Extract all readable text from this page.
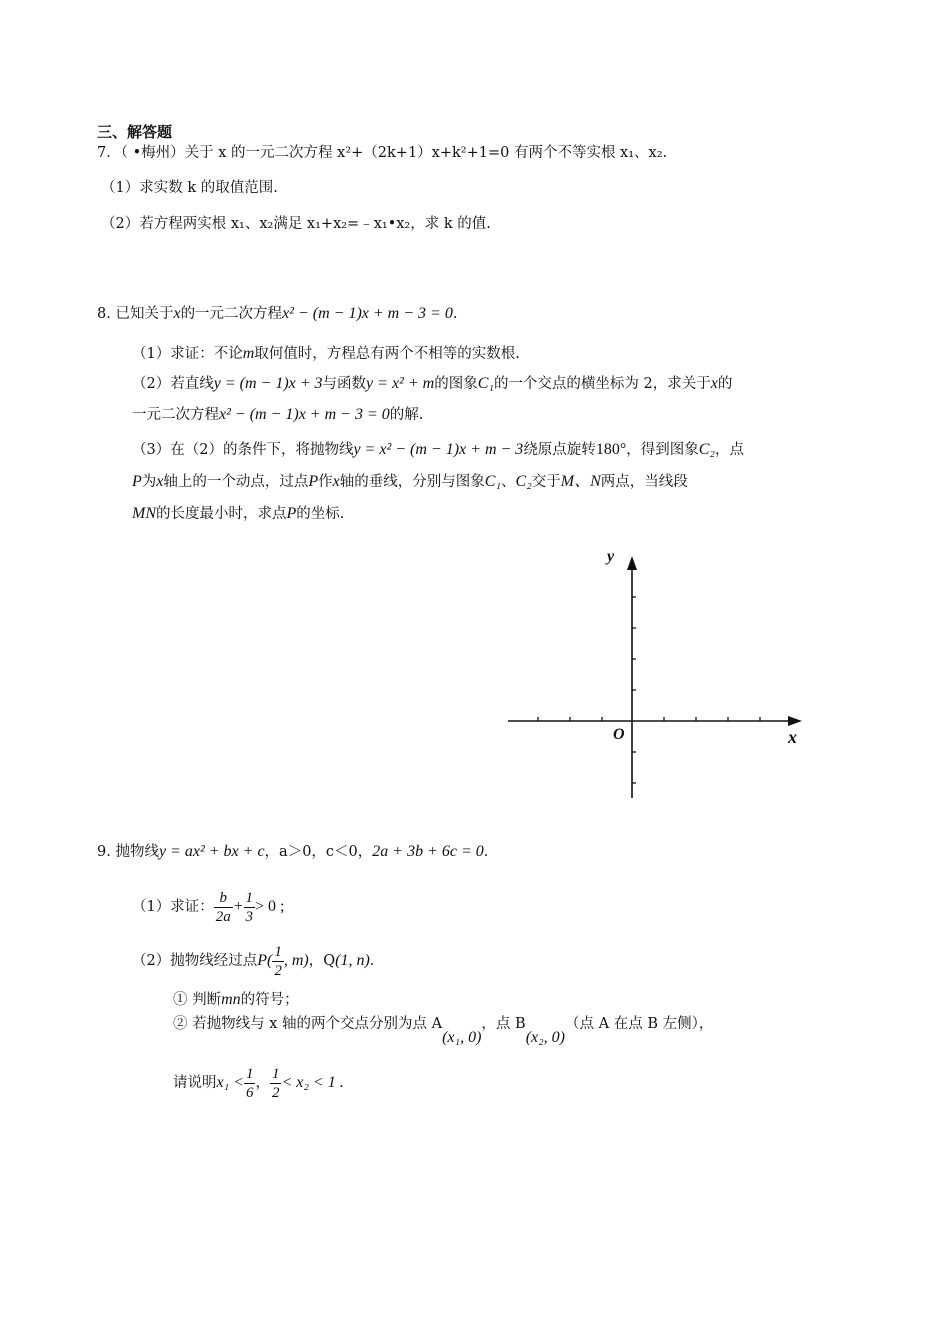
三、解答题
7．（ •梅州）关于 x 的一元二次方程 x²+（2k+1）x+k²+1=0 有两个不等实根 x₁、x₂.
（1）求实数 k 的取值范围.
（2）若方程两实根 x₁、x₂满足 x₁+x₂=﹣x₁•x₂，求 k 的值.
8. 已知关于x的一元二次方程x² − (m − 1)x + m − 3 = 0.
（1）求证：不论m取何值时，方程总有两个不相等的实数根.
（2）若直线y = (m − 1)x + 3与函数y = x² + m的图象C₁的一个交点的横坐标为 2，求关于x的
一元二次方程x² − (m − 1)x + m − 3 = 0的解.
（3）在（2）的条件下，将抛物线y = x² − (m − 1)x + m − 3绕原点旋转180°，得到图象C₂，点
P为x轴上的一个动点，过点P作x轴的垂线，分别与图象C₁、C₂交于M、N两点，当线段
MN的长度最小时，求点P的坐标.
y
x
O
9. 抛物线y = ax² + bx + c，a＞0，c＜0，2a + 3b + 6c = 0.
（1）求证： $\frac{b}{2a} + \frac{1}{3} > 0$ ;
（2）抛物线经过点$P( \frac{1}{2}$ , m)，Q(1, n).
① 判断mn的符号；
② 若抛物线与 x 轴的两个交点分别为点 A(x₁, 0)，点 B(x₂, 0)（点 A 在点 B 左侧），
请说明$x_1 < \frac{1}{6}$ ， $\frac{1}{2} < x_2 < 1$ .
